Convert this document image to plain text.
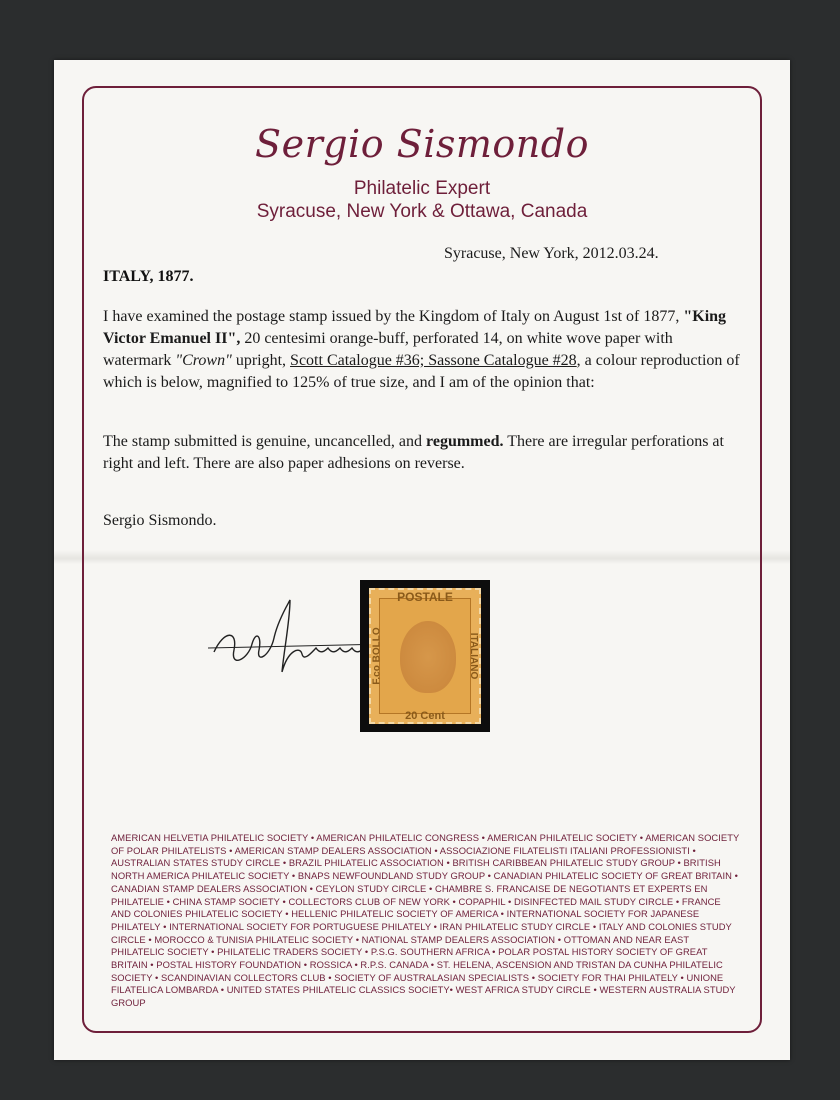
Sergio Sismondo
Philatelic Expert
Syracuse, New York & Ottawa, Canada
Syracuse, New York, 2012.03.24.
ITALY, 1877.
I have examined the postage stamp issued by the Kingdom of Italy on August 1st of 1877, "King Victor Emanuel II", 20 centesimi orange-buff, perforated 14, on white wove paper with watermark "Crown" upright, Scott Catalogue #36; Sassone Catalogue #28, a colour reproduction of which is below, magnified to 125% of true size, and I am of the opinion that:
The stamp submitted is genuine, uncancelled, and regummed. There are irregular perforations at right and left. There are also paper adhesions on reverse.
Sergio Sismondo.
POSTALE
20 Cent
F.co BOLLO	ITALIANO
AMERICAN HELVETIA PHILATELIC SOCIETY • AMERICAN PHILATELIC CONGRESS • AMERICAN PHILATELIC SOCIETY • AMERICAN SOCIETY OF POLAR PHILATELISTS • AMERICAN STAMP DEALERS ASSOCIATION • ASSOCIAZIONE FILATELISTI ITALIANI PROFESSIONISTI • AUSTRALIAN STATES STUDY CIRCLE • BRAZIL PHILATELIC ASSOCIATION • BRITISH CARIBBEAN PHILATELIC STUDY GROUP • BRITISH NORTH AMERICA PHILATELIC SOCIETY • BNAPS NEWFOUNDLAND STUDY GROUP • CANADIAN PHILATELIC SOCIETY OF GREAT BRITAIN • CANADIAN STAMP DEALERS ASSOCIATION • CEYLON STUDY CIRCLE • CHAMBRE S. FRANCAISE DE NEGOTIANTS ET EXPERTS EN PHILATELIE • CHINA STAMP SOCIETY • COLLECTORS CLUB OF NEW YORK • COPAPHIL • DISINFECTED MAIL STUDY CIRCLE • FRANCE AND COLONIES PHILATELIC SOCIETY • HELLENIC PHILATELIC SOCIETY OF AMERICA • INTERNATIONAL SOCIETY FOR JAPANESE PHILATELY • INTERNATIONAL SOCIETY FOR PORTUGUESE PHILATELY • IRAN PHILATELIC STUDY CIRCLE • ITALY AND COLONIES STUDY CIRCLE • MOROCCO & TUNISIA PHILATELIC SOCIETY • NATIONAL STAMP DEALERS ASSOCIATION • OTTOMAN AND NEAR EAST PHILATELIC SOCIETY • PHILATELIC TRADERS SOCIETY • P.S.G. SOUTHERN AFRICA • POLAR POSTAL HISTORY SOCIETY OF GREAT BRITAIN • POSTAL HISTORY FOUNDATION • ROSSICA • R.P.S. CANADA • ST. HELENA, ASCENSION AND TRISTAN DA CUNHA PHILATELIC SOCIETY • SCANDINAVIAN COLLECTORS CLUB • SOCIETY OF AUSTRALASIAN SPECIALISTS • SOCIETY FOR THAI PHILATELY • UNIONE FILATELICA LOMBARDA • UNITED STATES PHILATELIC CLASSICS SOCIETY• WEST AFRICA STUDY CIRCLE • WESTERN AUSTRALIA STUDY GROUP
